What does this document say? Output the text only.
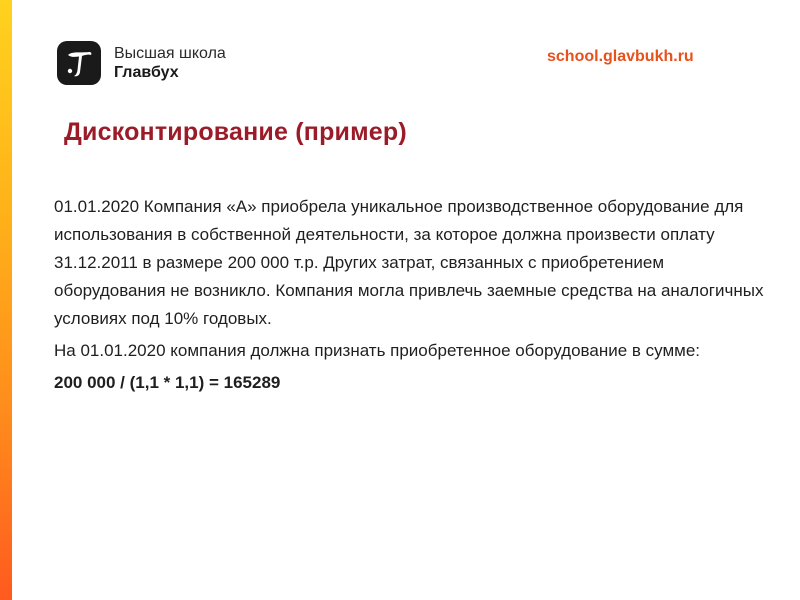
Высшая школа
Главбух
school.glavbukh.ru
Дисконтирование (пример)

01.01.2020 Компания «А» приобрела уникальное производственное оборудование для использования в собственной деятельности, за которое должна произвести оплату 31.12.2011 в размере 200 000 т.р. Других затрат, связанных с приобретением оборудования не возникло. Компания могла привлечь заемные средства на аналогичных условиях под 10% годовых.

На 01.01.2020 компания должна признать приобретенное оборудование в сумме:

200 000 / (1,1 * 1,1) = 165289
